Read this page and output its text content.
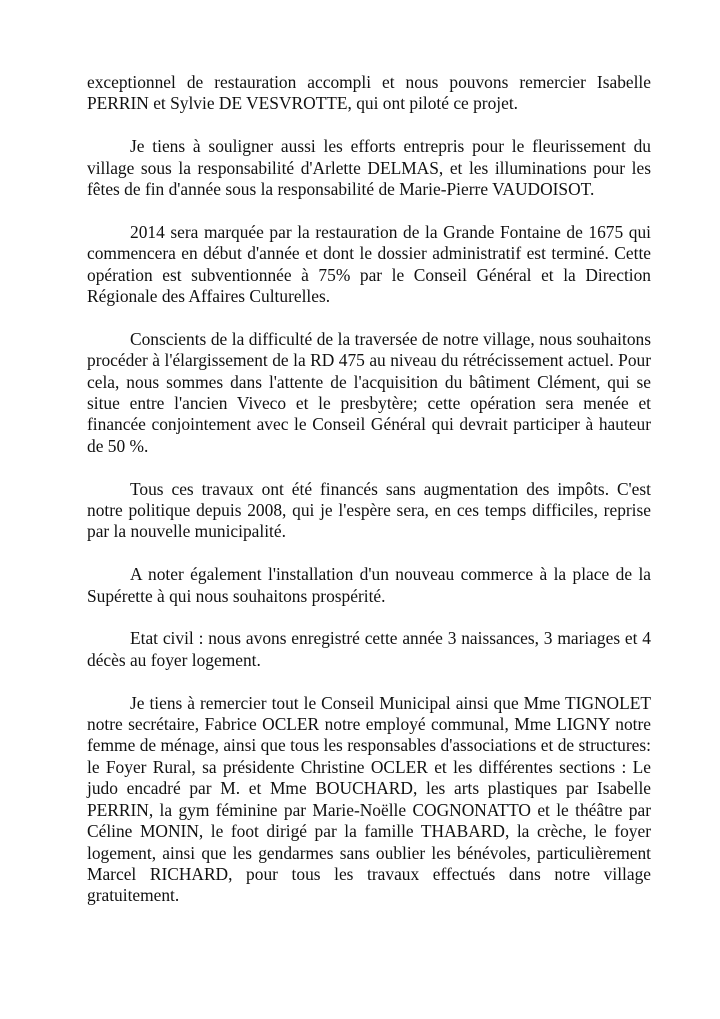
exceptionnel de restauration accompli et nous pouvons remercier Isabelle PERRIN et Sylvie DE VESVROTTE, qui ont piloté ce projet.

Je tiens à souligner aussi les efforts entrepris pour le fleurissement du village sous la responsabilité d'Arlette DELMAS, et les illuminations pour les fêtes de fin d'année sous la responsabilité de Marie-Pierre VAUDOISOT.

2014 sera marquée par la restauration de la Grande Fontaine de 1675 qui commencera en début d'année et dont le dossier administratif est terminé. Cette opération est subventionnée à 75% par le Conseil Général et la Direction Régionale des Affaires Culturelles.

Conscients de la difficulté de la traversée de notre village, nous souhaitons procéder à l'élargissement de la RD 475 au niveau du rétrécissement actuel. Pour cela, nous sommes dans l'attente de l'acquisition du bâtiment Clément, qui se situe entre l'ancien Viveco et le presbytère; cette opération sera menée et financée conjointement avec le Conseil Général qui devrait participer à hauteur de 50 %.

Tous ces travaux ont été financés sans augmentation des impôts. C'est notre politique depuis 2008, qui je l'espère sera, en ces temps difficiles, reprise par la nouvelle municipalité.

A noter également l'installation d'un nouveau commerce à la place de la Supérette à qui nous souhaitons prospérité.

Etat civil : nous avons enregistré cette année 3 naissances, 3 mariages et 4 décès au foyer logement.

Je tiens à remercier tout le Conseil Municipal ainsi que Mme TIGNOLET notre secrétaire, Fabrice OCLER notre employé communal, Mme LIGNY notre femme de ménage, ainsi que tous les responsables d'associations et de structures: le Foyer Rural, sa présidente Christine OCLER et les différentes sections : Le judo encadré par M. et Mme BOUCHARD, les arts plastiques par Isabelle PERRIN, la gym féminine par Marie-Noëlle COGNONATTO et le théâtre par Céline MONIN, le foot dirigé par la famille THABARD, la crèche, le foyer logement, ainsi que les gendarmes sans oublier les bénévoles, particulièrement Marcel RICHARD, pour tous les travaux effectués dans notre village gratuitement.
